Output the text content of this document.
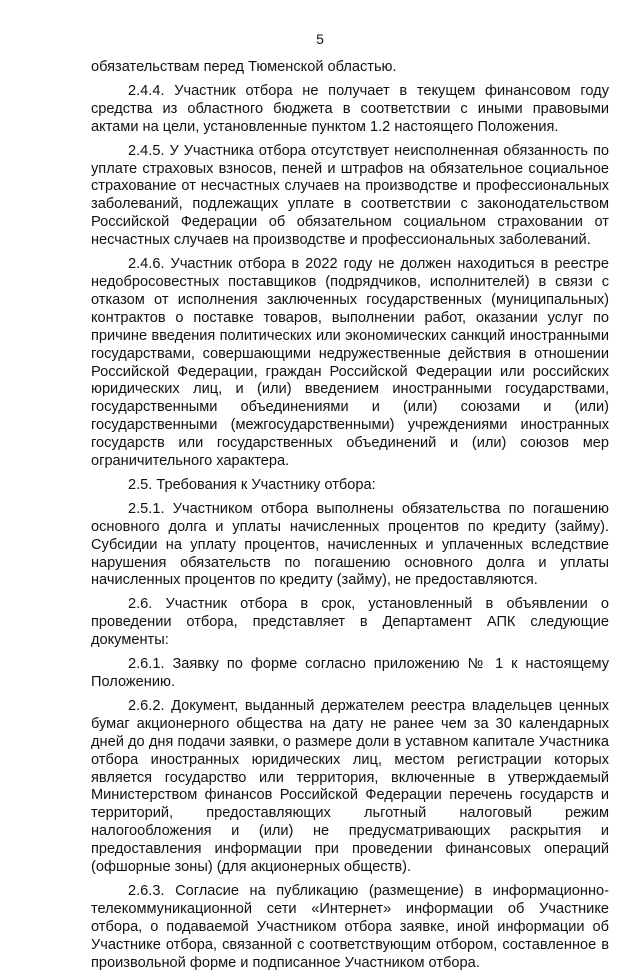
5

обязательствам перед Тюменской областью.

2.4.4. Участник отбора не получает в текущем финансовом году средства из областного бюджета в соответствии с иными правовыми актами на цели, установленные пунктом 1.2 настоящего Положения.

2.4.5. У Участника отбора отсутствует неисполненная обязанность по уплате страховых взносов, пеней и штрафов на обязательное социальное страхование от несчастных случаев на производстве и профессиональных заболеваний, подлежащих уплате в соответствии с законодательством Российской Федерации об обязательном социальном страховании от несчастных случаев на производстве и профессиональных заболеваний.

2.4.6. Участник отбора в 2022 году не должен находиться в реестре недобросовестных поставщиков (подрядчиков, исполнителей) в связи с отказом от исполнения заключенных государственных (муниципальных) контрактов о поставке товаров, выполнении работ, оказании услуг по причине введения политических или экономических санкций иностранными государствами, совершающими недружественные действия в отношении Российской Федерации, граждан Российской Федерации или российских юридических лиц, и (или) введением иностранными государствами, государственными объединениями и (или) союзами и (или) государственными (межгосударственными) учреждениями иностранных государств или государственных объединений и (или) союзов мер ограничительного характера.

2.5. Требования к Участнику отбора:

2.5.1. Участником отбора выполнены обязательства по погашению основного долга и уплаты начисленных процентов по кредиту (займу). Субсидии на уплату процентов, начисленных и уплаченных вследствие нарушения обязательств по погашению основного долга и уплаты начисленных процентов по кредиту (займу), не предоставляются.

2.6. Участник отбора в срок, установленный в объявлении о проведении отбора, представляет в Департамент АПК следующие документы:

2.6.1. Заявку по форме согласно приложению № 1 к настоящему Положению.

2.6.2. Документ, выданный держателем реестра владельцев ценных бумаг акционерного общества на дату не ранее чем за 30 календарных дней до дня подачи заявки, о размере доли в уставном капитале Участника отбора иностранных юридических лиц, местом регистрации которых является государство или территория, включенные в утверждаемый Министерством финансов Российской Федерации перечень государств и территорий, предоставляющих льготный налоговый режим налогообложения и (или) не предусматривающих раскрытия и предоставления информации при проведении финансовых операций (офшорные зоны) (для акционерных обществ).

2.6.3. Согласие на публикацию (размещение) в информационно-телекоммуникационной сети «Интернет» информации об Участнике отбора, о подаваемой Участником отбора заявке, иной информации об Участнике отбора, связанной с соответствующим отбором, составленное в произвольной форме и подписанное Участником отбора.
